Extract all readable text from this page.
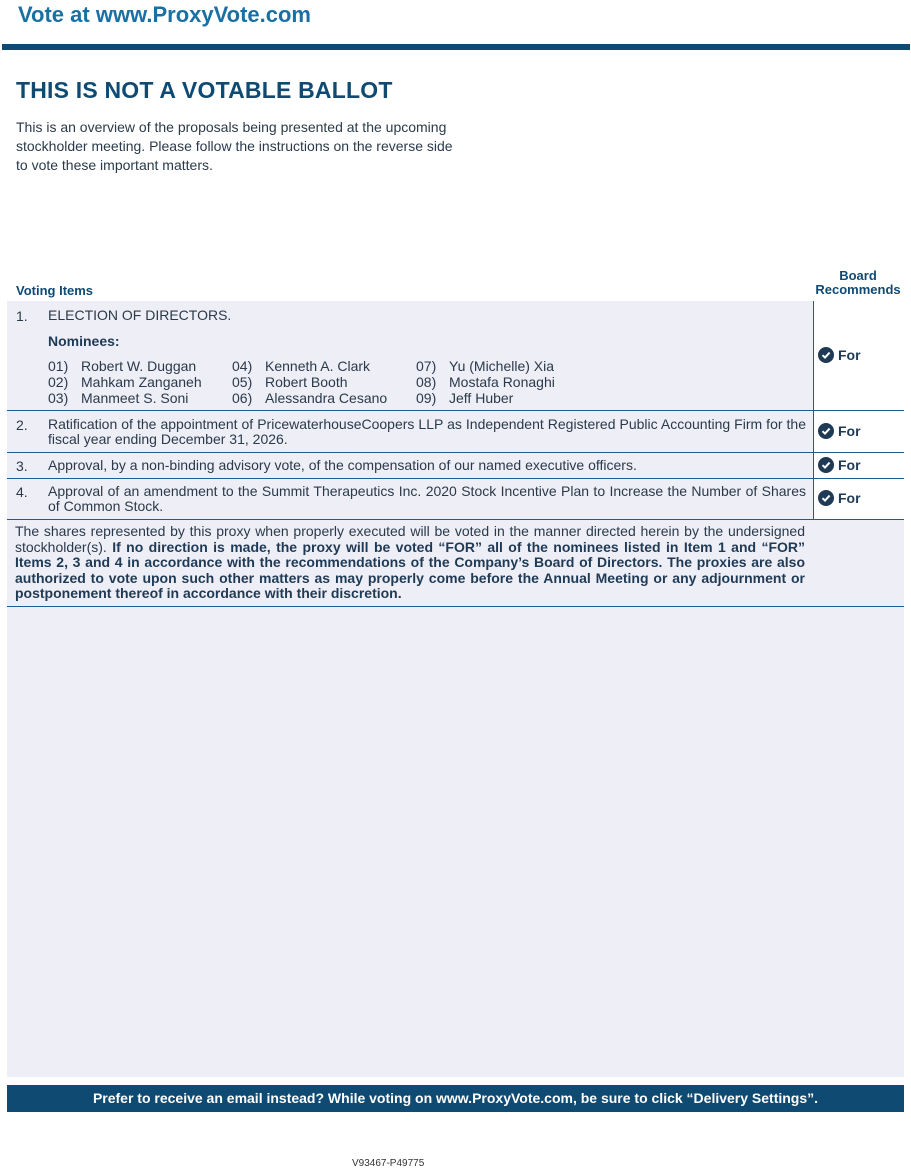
Vote at www.ProxyVote.com
THIS IS NOT A VOTABLE BALLOT
This is an overview of the proposals being presented at the upcoming stockholder meeting. Please follow the instructions on the reverse side to vote these important matters.
Voting Items
Board
Recommends
1. ELECTION OF DIRECTORS.
Nominees:
01) Robert W. Duggan	04) Kenneth A. Clark	07) Yu (Michelle) Xia
02) Mahkam Zanganeh 05) Robert Booth	08) Mostafa Ronaghi
03) Manmeet S. Soni	06) Alessandra Cesano 09) Jeff Huber
For
2. Ratification of the appointment of PricewaterhouseCoopers LLP as Independent Registered Public Accounting Firm for the fiscal year ending December 31, 2026.	For
3. Approval, by a non-binding advisory vote, of the compensation of our named executive officers.	For
4. Approval of an amendment to the Summit Therapeutics Inc. 2020 Stock Incentive Plan to Increase the Number of Shares of Common Stock.	For
The shares represented by this proxy when properly executed will be voted in the manner directed herein by the undersigned stockholder(s). If no direction is made, the proxy will be voted “FOR” all of the nominees listed in Item 1 and “FOR” Items 2, 3 and 4 in accordance with the recommendations of the Company’s Board of Directors. The proxies are also authorized to vote upon such other matters as may properly come before the Annual Meeting or any adjournment or postponement thereof in accordance with their discretion.
Prefer to receive an email instead? While voting on www.ProxyVote.com, be sure to click “Delivery Settings”.
V93467-P49775
